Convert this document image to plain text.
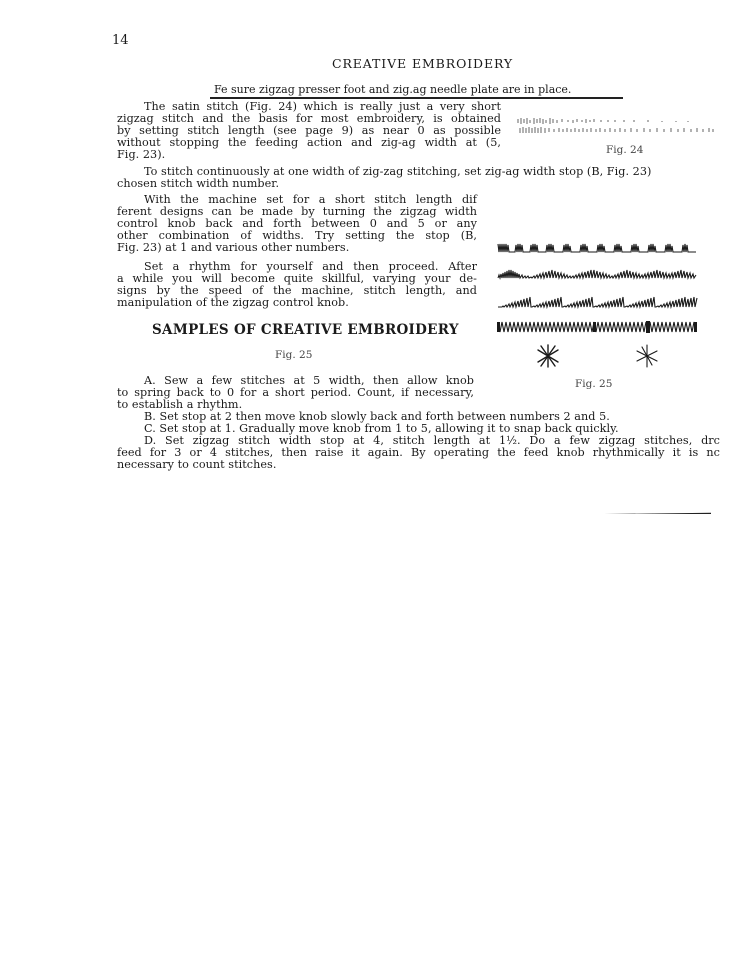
14
CREATIVE EMBROIDERY
Fe sure zigzag presser foot and zig.ag needle plate are in place.
The satin stitch (Fig. 24) which is really just a very short
zigzag stitch and the basis for most embroidery, is obtained
by setting stitch length (see page 9) as near 0 as possible
without stopping the feeding action and zig-ag width at (5,
Fig. 23).	Fig. 24
To stitch continuously at one width of zig-zag stitching, set zig-ag width stop (B, Fig. 23)
chosen stitch width number.
With the machine set for a short stitch length dif
ferent designs can be made by turning the zigzag width
control knob back and forth between 0 and 5 or any
other combination of widths. Try setting the stop (B,
Fig. 23) at 1 and various other numbers.
Set a rhythm for yourself and then proceed. After
a while you will become quite skillful, varying your de-
signs by the speed of the machine, stitch length, and
manipulation of the zigzag control knob.
Fig. 25
SAMPLES OF CREATIVE EMBROIDERY
Fig. 25
A. Sew a few stitches at 5 width, then allow knob
to spring back to 0 for a short period. Count, if necessary,
to establish a rhythm.
B. Set stop at 2 then move knob slowly back and forth between numbers 2 and 5.
C. Set stop at 1. Gradually move knob from 1 to 5, allowing it to snap back quickly.
D. Set zigzag stitch width stop at 4, stitch length at 1½. Do a few zigzag stitches, drc
feed for 3 or 4 stitches, then raise it again. By operating the feed knob rhythmically it is nc
necessary to count stitches.
